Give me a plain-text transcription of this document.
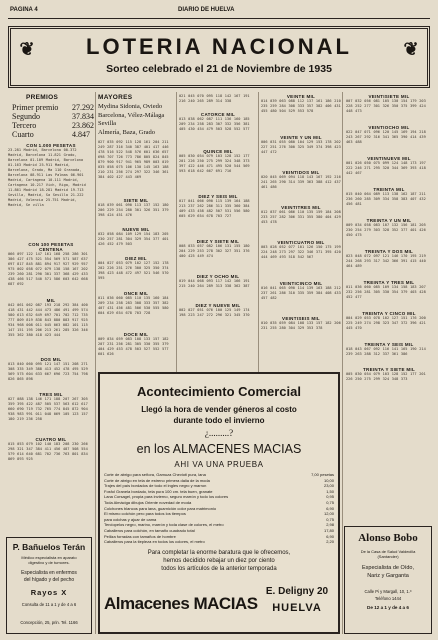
PAGINA 4	DIARIO DE HUELVA
❦	❦
LOTERIA NACIONAL
Sorteo celebrado el 21 de Noviembre de 1935
PREMIOS
Primer premio 27.292
Segundo	37.834
Tercero	23.862
Cuarto	4.847
CON 1.000 PESETAS
23.281 Madrid, Barcelona 00.372 Madrid, Barcelona 11.821 Grado, Barcelona 01.109 Madrid, Barcelona 01.163 Madrid 25.911 Madrid, Barcelona, Grado, Ma 110 Granada, Barcelona 08.911 Las Palmas 06.901 Madrid, Cartagena 10.111 Madrid, Cartagena 10.217 Vich, Riga, Madrid 11.861 Madrid 18.281 Madrid 19.713 Sevilla, Madrid, Sa Sevilla 21.222 Madrid, Valencia 25.751 Madrid, Madrid, Se villa
CON 100 PESETAS
CENTENA
066 097 122 147 161 168 258 286 301 386 427 475 521 554 569 571 587 637 697 817 845 881 894 917 927 929 957 975 002 058 072 079 138 158 167 202 239 260 281 290 301 337 368 429 433 438 466 517 540 571 586 603 642 668 687 692
MIL
042 061 062 087 193 218 292 384 400 418 431 442 444 473 486 491 499 574 580 613 632 649 697 701 702 712 735 777 809 819 838 843 880 883 917 925 934 968 008 011 045 063 082 101 115 147 151 195 206 213 261 285 326 346 355 362 380 418 423 444
DOS MIL
013 040 060 095 121 147 151 208 271 308 335 349 388 413 452 478 495 529 569 575 604 633 667 696 723 754 798 826 865 898
TRES MIL
027 088 138 146 171 188 207 267 305 359 395 422 487 505 537 563 612 617 660 690 719 732 765 774 845 872 904 938 983 991 011 048 069 105 123 157 180 219 236 258
CUATRO MIL
015 053 079 102 140 183 208 230 266 298 321 347 384 411 456 487 508 554 579 614 640 681 702 736 763 801 834 869 893 925
MAYORES
Mydina Sidonia, Oviedo
Barcelona, Vélez-Málaga
Sevilla
Almería, Baza, Grado
027 035 092 115 128 161 204 211 249 287 316 340 387 401 417 446 478 516 522 548 576 601 636 657 698 707 726 773 786 805 824 845 879 900 917 941 965 989 003 019 035 058 075 106 130 145 163 188 210 231 256 274 297 322 346 361 384 402 427 443 469
SIETE MIL
018 039 061 090 113 137 152 180 206 229 254 280 301 326 351 379 398 424 451 476
NUEVE MIL
032 058 084 109 129 154 183 205 230 257 281 304 329 354 377 401 426 452 479 503
DIEZ MIL
004 027 053 079 102 127 152 178 202 226 251 276 300 325 350 374 398 423 448 472 497 521 546 570 595
ONCE MIL
011 036 060 085 110 135 160 184 209 234 258 283 308 333 357 382 407 431 456 481 506 530 555 580 604 629 654 678 703 728
DOCE MIL
009 034 059 083 108 133 157 182 207 231 256 281 305 330 355 379 404 429 453 478 503 527 552 577 601 626
021 045 070 095 118 142 167 191 216 240 265 289 314 338
CATORCE MIL
013 038 062 087 111 136 160 185 209 234 258 283 307 332 356 381 405 430 454 479 503 528 552 577
QUINCE MIL
005 030 054 079 103 128 152 177 201 226 250 275 299 324 348 373 397 422 446 471 495 520 544 569 593 618 642 667 691 716
DIEZ Y SEIS MIL
017 041 066 090 115 139 164 188 213 237 262 286 311 335 360 384 409 433 458 482 507 531 556 580 605 629 654 678 703 727
DIEZ Y SIETE MIL
008 033 057 082 106 131 155 180 204 229 253 278 302 327 351 376 400 425 449 474
DIEZ Y OCHO MIL
019 044 068 093 117 142 166 191 215 240 264 289 313 338 362 387
DIEZ Y NUEVE MIL
002 027 051 076 100 125 149 174 198 223 247 272 296 321 345 370
VEINTE MIL
014 039 063 088 112 137 161 186 210 235 259 284 308 333 357 382 406 431 455 480 504 529 553 578
VEINTE Y UN MIL
006 031 055 080 104 129 153 178 202 227 251 276 300 325 349 374 398 423 447 472
VEINTIDOS MIL
020 045 069 094 118 143 167 192 216 241 265 290 314 339 363 388 412 437 461 486
VEINTITRES MIL
012 037 061 086 110 135 159 184 208 233 257 282 306 331 355 380 404 429 453 478
VEINTICUATRO MIL
003 028 052 077 101 126 150 175 199 224 248 273 297 322 346 371 395 420 444 469 493 518 542 567
VEINTICINCO MIL
016 041 065 090 114 139 163 188 212 237 261 286 310 335 359 384 408 433 457 482
VEINTISEIS MIL
010 035 059 084 108 133 157 182 206 231 255 280 304 329 353 378
VEINTISIETE MIL
007 032 056 081 105 130 154 179 203 228 252 277 301 326 350 375 399 424 448 473
VEINTIOCHO MIL
022 047 071 096 120 145 169 194 218 243 267 292 316 341 365 390 414 439 463 488
VEINTINUEVE MIL
001 026 050 075 099 124 148 173 197 222 246 271 295 320 344 369 393 418 442 467
TREINTA MIL
015 040 064 089 113 138 162 187 211 236 260 285 309 334 358 383 407 432 456 481
TREINTA Y UN MIL
009 034 058 083 107 132 156 181 205 230 254 279 303 328 352 377 401 426 450 475
TREINTA Y DOS MIL
023 048 072 097 121 146 170 195 219 244 268 293 317 342 366 391 415 440 464 489
TREINTA Y TRES MIL
011 036 060 085 109 134 158 183 207 232 256 281 305 330 354 379 403 428 452 477
TREINTA Y CINCO MIL
004 029 053 078 102 127 151 176 200 225 249 274 298 323 347 372 396 421 445 470
TREINTA Y SEIS MIL
018 043 067 092 116 141 165 190 214 239 263 288 312 337 361 386
TREINTA Y SIETE MIL
005 030 054 079 103 128 152 177 201 226 250 275 299 324 348 373
Acontecimiento Comercial
Llegó la hora de vender géneros al costo
durante todo el invierno
¿.........?
en los ALMACENES MACIAS
AHI VA UNA PRUEBA
Corte de abrigo para señora, Gamuza Chevioti pura, lana	7,00 pesetas
Corte de abrigo en tela de estreno primera dalia de la moda	10,00
Trajes del país bordados de todo el ingles negro y marron	23,00
Fosfol Granela bordado, tela pura 100 cm. tela buen, granate	1,50
Lana Corsagel, propia para invierno, seguro marrón y todo los colores	0,95
Toda Almáciga dibujos Oriente novedad de moda	0,75
Colchones blancos para lana, guarnición color para matrimonio	6,90
El mismo colchón pero para todos los tiempos	12,00
para colchas y ajuar de cama	0,75
Terciopelos negro, marino, marrón y toda clase de colores, el metro	2,98
Caballeros para colchón, en tamaño cuadrado total	17,80
Pelliza forradas con tamaños de hombre	6,90
Caballeros para la tiepleza en todos los colores, el metro	2,20
Para completar la enorme baratura que le ofrecemos,
hemos decidido rebajar un diez por ciento
todos los artículos de la anterior temporada
Almacenes MACIAS
E. Deligny 20
HUELVA
P. Bañuelos Terán
Médico especialista en aparato
digestivo y de tumores.
Especialista en enfermos
del hígado y del pecho
Rayos X
Consulta de 11 a 1 y de 4 a 6
Concepción, 25, prin. Tel. 1166
Alonso Bobo
De la Casa de Salud Valdecilla
(Santander)
Especialista de Oído,
Nariz y Garganta
Calle Pi y Margall, 10, 1.º
Teléfono 1444
De 12 a 1 y de 4 a 6
